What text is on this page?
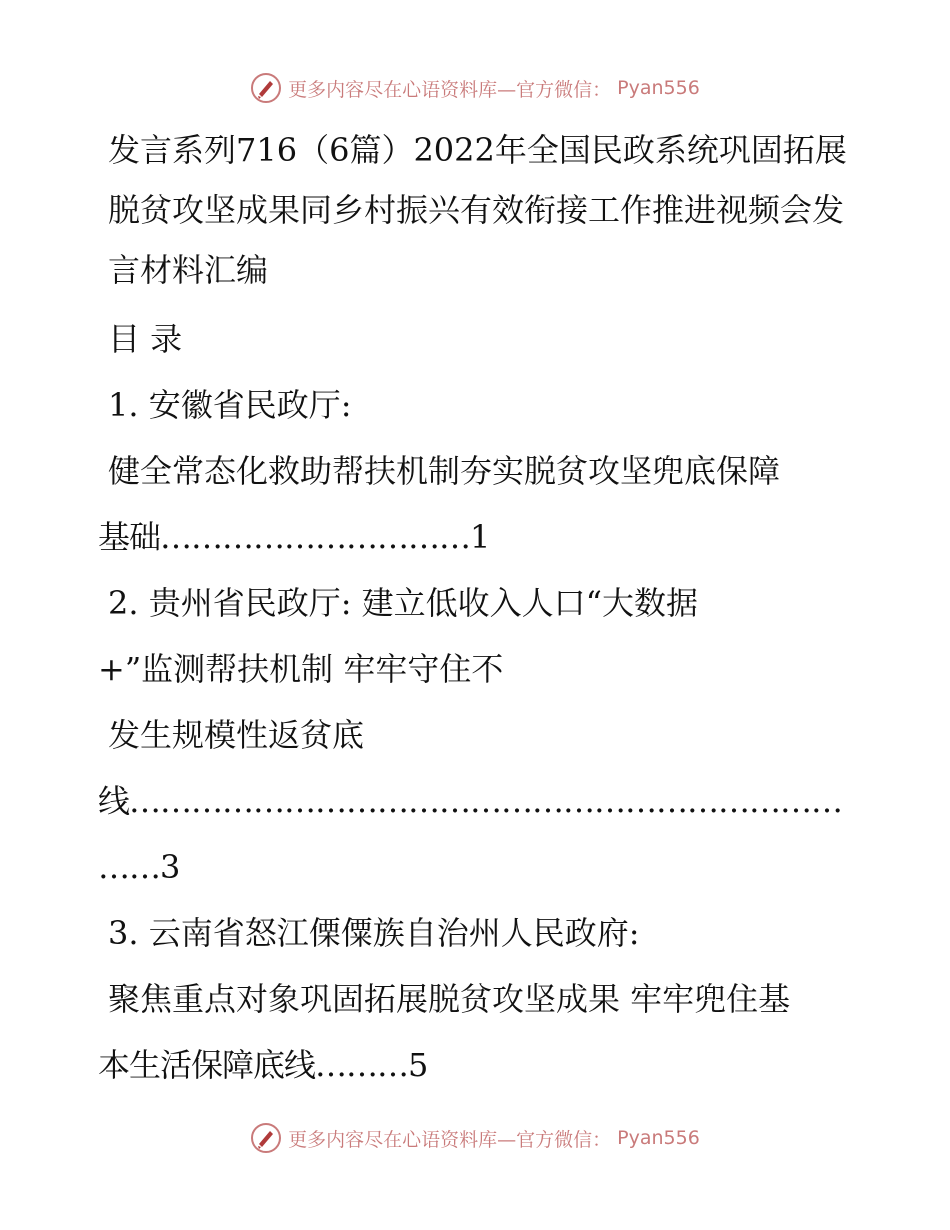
更多内容尽在心语资料库—官方微信： Pyan556

发言系列716（6篇）2022年全国民政系统巩固拓展脱贫攻坚成果同乡村振兴有效衔接工作推进视频会发言材料汇编

目 录

1. 安徽省民政厅:

健全常态化救助帮扶机制夯实脱贫攻坚兜底保障

基础…………………………1

2. 贵州省民政厅: 建立低收入人口“大数据

+”监测帮扶机制 牢牢守住不

发生规模性返贫底

线……………………………………………………………

……3

3. 云南省怒江傈僳族自治州人民政府:

聚焦重点对象巩固拓展脱贫攻坚成果 牢牢兜住基

本生活保障底线………5

更多内容尽在心语资料库—官方微信： Pyan556
